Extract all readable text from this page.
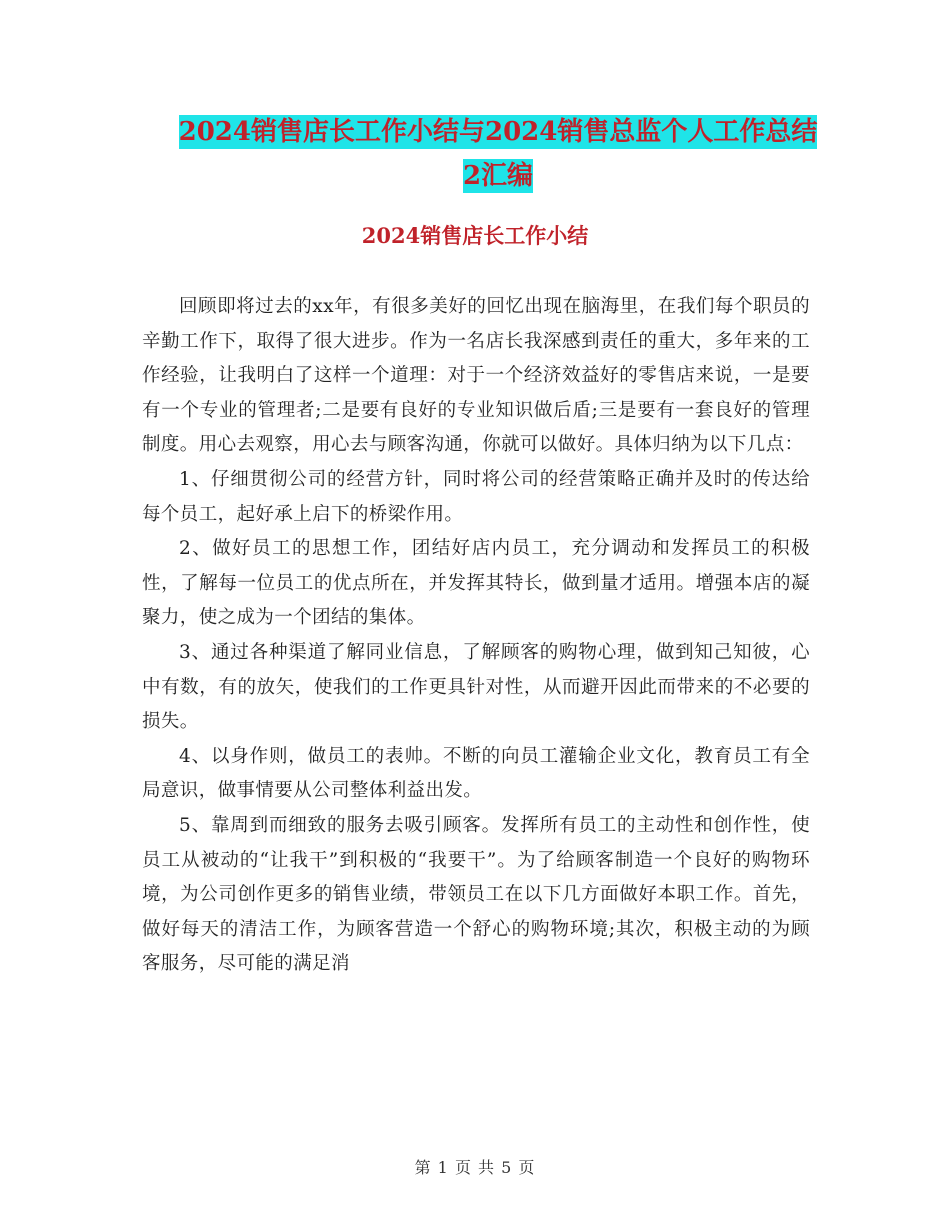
2024销售店长工作小结与2024销售总监个人工作总结
2汇编
2024销售店长工作小结

回顾即将过去的xx年，有很多美好的回忆出现在脑海里，在我们每个职员的辛勤工作下，取得了很大进步。作为一名店长我深感到责任的重大，多年来的工作经验，让我明白了这样一个道理：对于一个经济效益好的零售店来说，一是要有一个专业的管理者;二是要有良好的专业知识做后盾;三是要有一套良好的管理制度。用心去观察，用心去与顾客沟通，你就可以做好。具体归纳为以下几点：

1、仔细贯彻公司的经营方针，同时将公司的经营策略正确并及时的传达给每个员工，起好承上启下的桥梁作用。

2、做好员工的思想工作，团结好店内员工，充分调动和发挥员工的积极性，了解每一位员工的优点所在，并发挥其特长，做到量才适用。增强本店的凝聚力，使之成为一个团结的集体。

3、通过各种渠道了解同业信息，了解顾客的购物心理，做到知己知彼，心中有数，有的放矢，使我们的工作更具针对性，从而避开因此而带来的不必要的损失。

4、以身作则，做员工的表帅。不断的向员工灌输企业文化，教育员工有全局意识，做事情要从公司整体利益出发。

5、靠周到而细致的服务去吸引顾客。发挥所有员工的主动性和创作性，使员工从被动的“让我干”到积极的“我要干”。为了给顾客制造一个良好的购物环境，为公司创作更多的销售业绩，带领员工在以下几方面做好本职工作。首先，做好每天的清洁工作，为顾客营造一个舒心的购物环境;其次，积极主动的为顾客服务，尽可能的满足消

第 1 页 共 5 页
